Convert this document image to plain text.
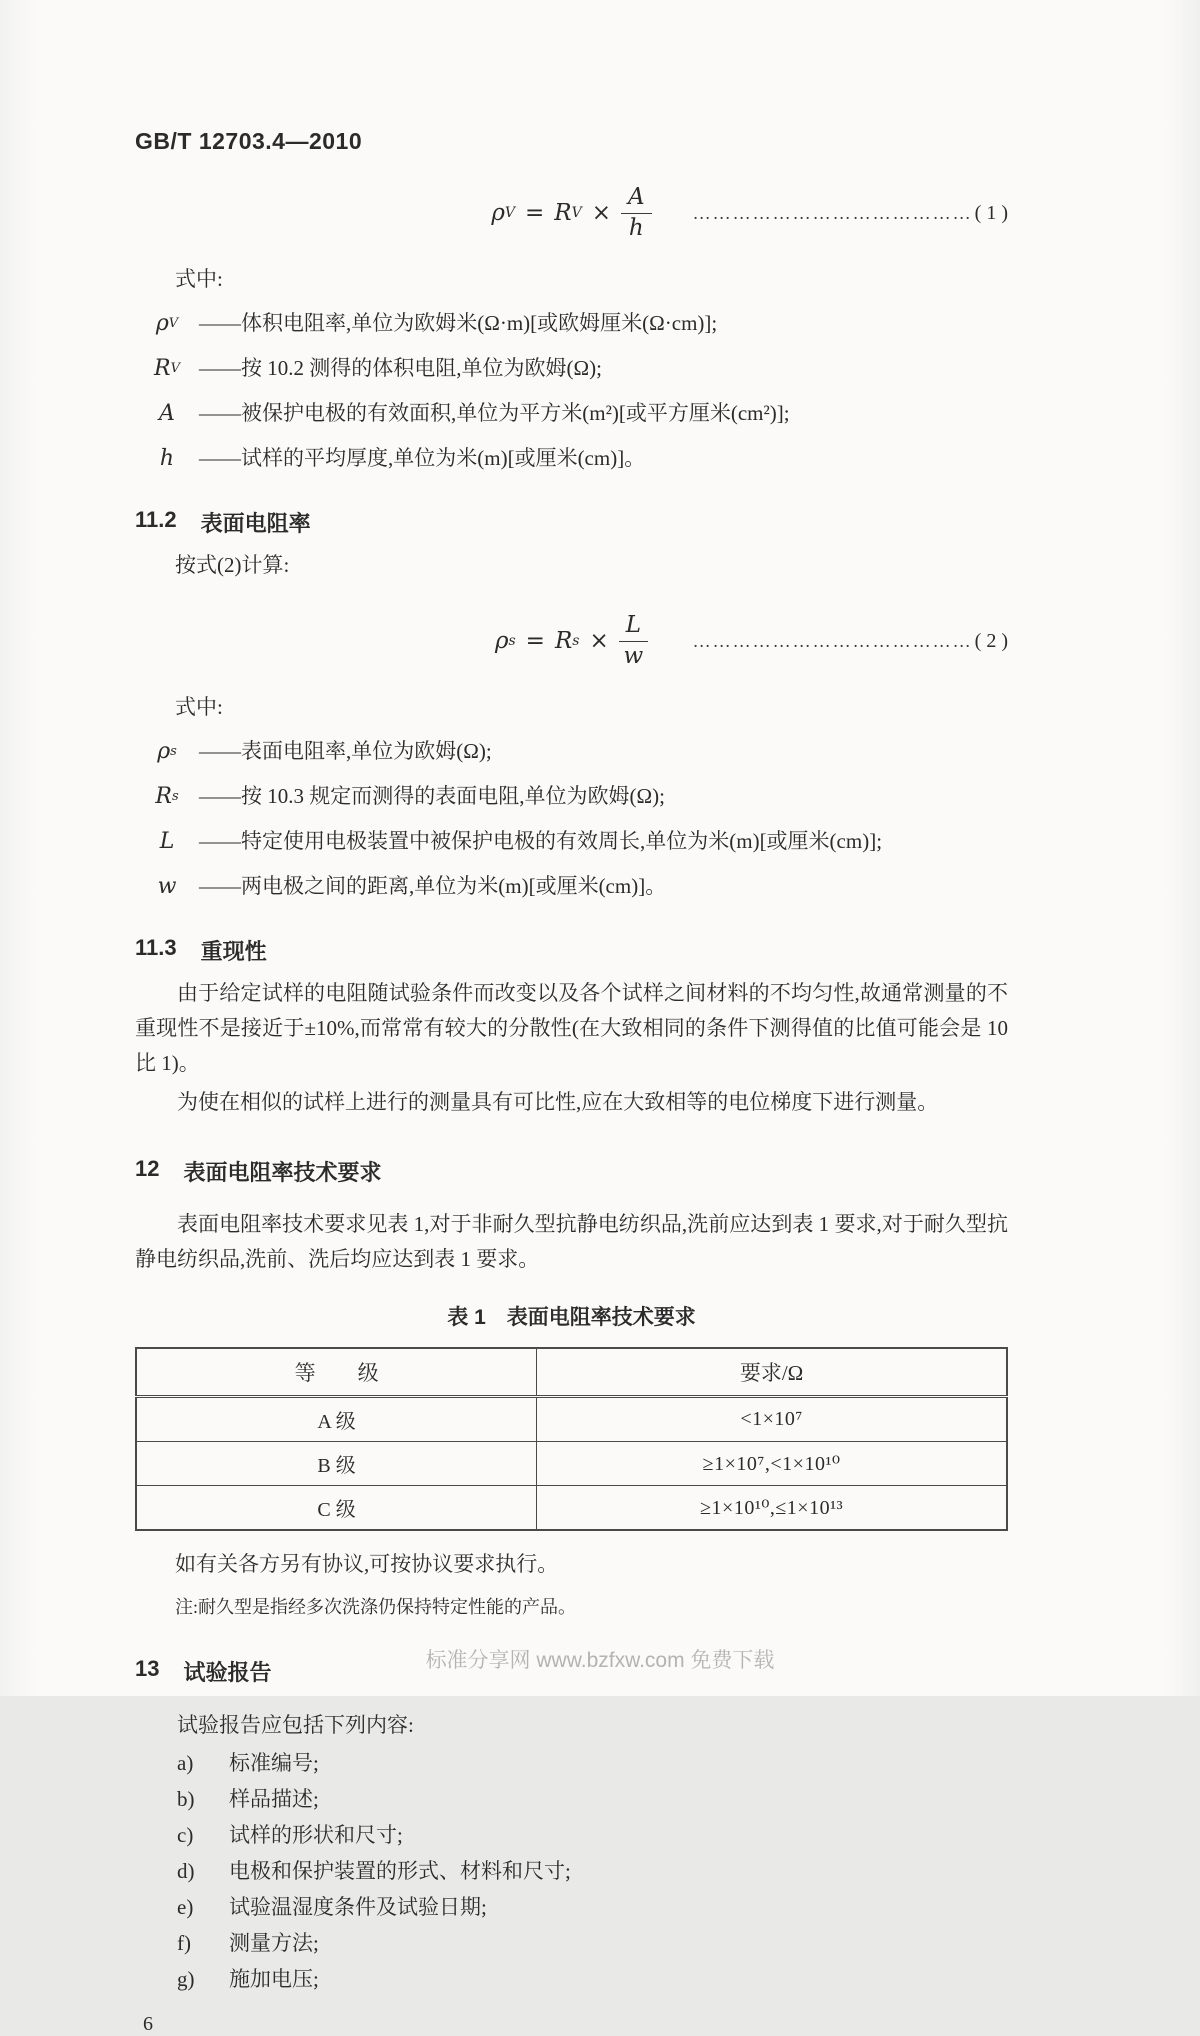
GB/T 12703.4—2010
ρ V = R $V \times \frac{A}{h}$ …………………………………… ( 1 )
式中:
ρ V ——体积电阻率,单位为欧姆米(Ω·m)[或欧姆厘米(Ω·cm)];
R V ——按 10.2 测得的体积电阻,单位为欧姆(Ω);
A ——被保护电极的有效面积,单位为平方米(m²)[或平方厘米(cm²)];
h ——试样的平均厚度,单位为米(m)[或厘米(cm)]。
11.2 表面电阻率

按式(2)计算:

ρ s = R $s \times \frac{L}{w}$ …………………………………… ( 2 )
式中:
ρ s ——表面电阻率,单位为欧姆(Ω);
R s ——按 10.3 规定而测得的表面电阻,单位为欧姆(Ω);
L ——特定使用电极装置中被保护电极的有效周长,单位为米(m)[或厘米(cm)];
w ——两电极之间的距离,单位为米(m)[或厘米(cm)]。
11.3 重现性

由于给定试样的电阻随试验条件而改变以及各个试样之间材料的不均匀性,故通常测量的不重现性不是接近于±10%,而常常有较大的分散性(在大致相同的条件下测得值的比值可能会是 10 比 1)。

为使在相似的试样上进行的测量具有可比性,应在大致相等的电位梯度下进行测量。

12 表面电阻率技术要求

表面电阻率技术要求见表 1,对于非耐久型抗静电纺织品,洗前应达到表 1 要求,对于耐久型抗静电纺织品,洗前、洗后均应达到表 1 要求。

表 1　表面电阻率技术要求
等　　级	要求/Ω
A 级	<1×10⁷
B 级	≥1×10⁷,<1×10¹⁰
C 级	≥1×10¹⁰,≤1×10¹³

如有关各方另有协议,可按协议要求执行。

注:耐久型是指经多次洗涤仍保持特定性能的产品。

13 试验报告

试验报告应包括下列内容:

a)	标准编号;
b)	样品描述;
c)	试样的形状和尺寸;
d)	电极和保护装置的形式、材料和尺寸;
e)	试验温湿度条件及试验日期;
f)	测量方法;
g)	施加电压;
6
标准分享网 www.bzfxw.com 免费下载
